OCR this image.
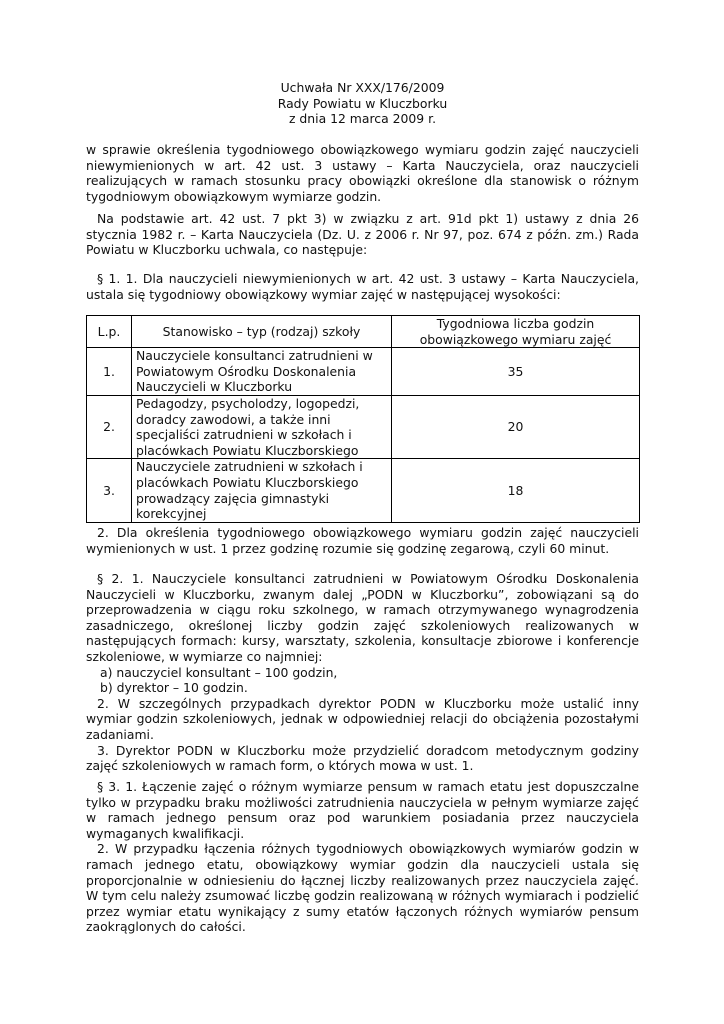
Uchwała Nr XXX/176/2009
Rady Powiatu w Kluczborku
z dnia 12 marca 2009 r.

w sprawie określenia tygodniowego obowiązkowego wymiaru godzin zajęć nauczycieli niewymienionych w art. 42 ust. 3 ustawy – Karta Nauczyciela, oraz nauczycieli realizujących w ramach stosunku pracy obowiązki określone dla stanowisk o różnym tygodniowym obowiązkowym wymiarze godzin.

Na podstawie art. 42 ust. 7 pkt 3) w związku z art. 91d pkt 1) ustawy z dnia 26 stycznia 1982 r. – Karta Nauczyciela (Dz. U. z 2006 r. Nr 97, poz. 674 z późn. zm.) Rada Powiatu w Kluczborku uchwala, co następuje:

§ 1. 1. Dla nauczycieli niewymienionych w art. 42 ust. 3 ustawy – Karta Nauczyciela, ustala się tygodniowy obowiązkowy wymiar zajęć w następującej wysokości:

L.p.	Stanowisko – typ (rodzaj) szkoły	Tygodniowa liczba godzin obowiązkowego wymiaru zajęć
1.	Nauczyciele konsultanci zatrudnieni w Powiatowym Ośrodku Doskonalenia Nauczycieli w Kluczborku	35
2.	Pedagodzy, psycholodzy, logopedzi, doradcy zawodowi, a także inni specjaliści zatrudnieni w szkołach i placówkach Powiatu Kluczborskiego	20
3.	Nauczyciele zatrudnieni w szkołach i placówkach Powiatu Kluczborskiego prowadzący zajęcia gimnastyki korekcyjnej	18

2. Dla określenia tygodniowego obowiązkowego wymiaru godzin zajęć nauczycieli wymienionych w ust. 1 przez godzinę rozumie się godzinę zegarową, czyli 60 minut.

§ 2. 1. Nauczyciele konsultanci zatrudnieni w Powiatowym Ośrodku Doskonalenia Nauczycieli w Kluczborku, zwanym dalej „PODN w Kluczborku”, zobowiązani są do przeprowadzenia w ciągu roku szkolnego, w ramach otrzymywanego wynagrodzenia zasadniczego, określonej liczby godzin zajęć szkoleniowych realizowanych w następujących formach: kursy, warsztaty, szkolenia, konsultacje zbiorowe i konferencje szkoleniowe, w wymiarze co najmniej:

a) nauczyciel konsultant – 100 godzin,

b) dyrektor – 10 godzin.

2. W szczególnych przypadkach dyrektor PODN w Kluczborku może ustalić inny wymiar godzin szkoleniowych, jednak w odpowiedniej relacji do obciążenia pozostałymi zadaniami.

3. Dyrektor PODN w Kluczborku może przydzielić doradcom metodycznym godziny zajęć szkoleniowych w ramach form, o których mowa w ust. 1.

§ 3. 1. Łączenie zajęć o różnym wymiarze pensum w ramach etatu jest dopuszczalne tylko w przypadku braku możliwości zatrudnienia nauczyciela w pełnym wymiarze zajęć w ramach jednego pensum oraz pod warunkiem posiadania przez nauczyciela wymaganych kwalifikacji.

2. W przypadku łączenia różnych tygodniowych obowiązkowych wymiarów godzin w ramach jednego etatu, obowiązkowy wymiar godzin dla nauczycieli ustala się proporcjonalnie w odniesieniu do łącznej liczby realizowanych przez nauczyciela zajęć. W tym celu należy zsumować liczbę godzin realizowaną w różnych wymiarach i podzielić przez wymiar etatu wynikający z sumy etatów łączonych różnych wymiarów pensum zaokrąglonych do całości.
